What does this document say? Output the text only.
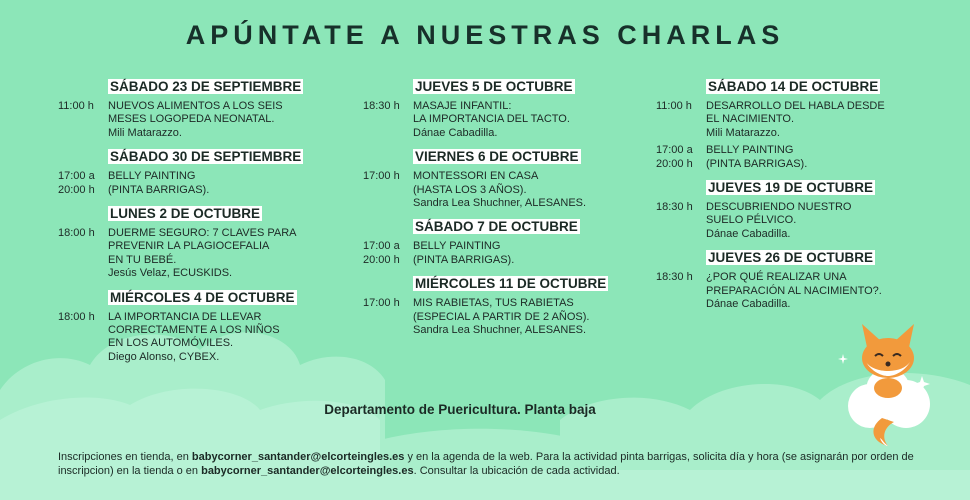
APÚNTATE A NUESTRAS CHARLAS
SÁBADO 23 DE SEPTIEMBRE
11:00 h	NUEVOS ALIMENTOS A LOS SEIS
MESES LOGOPEDA NEONATAL.
Mili Matarazzo.
SÁBADO 30 DE SEPTIEMBRE
17:00 a 20:00 h
BELLY PAINTING
(PINTA BARRIGAS).
LUNES 2 DE OCTUBRE
18:00 h	DUERME SEGURO: 7 CLAVES PARA
PREVENIR LA PLAGIOCEFALIA
EN TU BEBÉ.
Jesús Velaz, ECUSKIDS.
MIÉRCOLES 4 DE OCTUBRE
18:00 h	LA IMPORTANCIA DE LLEVAR
CORRECTAMENTE A LOS NIÑOS
EN LOS AUTOMÓVILES.
Diego Alonso, CYBEX.
JUEVES 5 DE OCTUBRE
18:30 h	MASAJE INFANTIL:
LA IMPORTANCIA DEL TACTO.
Dánae Cabadilla.
VIERNES 6 DE OCTUBRE
17:00 h	MONTESSORI EN CASA
(HASTA LOS 3 AÑOS).
Sandra Lea Shuchner, ALESANES.
SÁBADO 7 DE OCTUBRE
17:00 a 20:00 h
BELLY PAINTING
(PINTA BARRIGAS).
MIÉRCOLES 11 DE OCTUBRE
17:00 h	MIS RABIETAS, TUS RABIETAS
(ESPECIAL A PARTIR DE 2 AÑOS).
Sandra Lea Shuchner, ALESANES.
SÁBADO 14 DE OCTUBRE
11:00 h	DESARROLLO DEL HABLA DESDE
EL NACIMIENTO.
Mili Matarazzo.
17:00 a 20:00 h
BELLY PAINTING
(PINTA BARRIGAS).
JUEVES 19 DE OCTUBRE
18:30 h	DESCUBRIENDO NUESTRO
SUELO PÉLVICO.
Dánae Cabadilla.
JUEVES 26 DE OCTUBRE
18:30 h	¿POR QUÉ REALIZAR UNA
PREPARACIÓN AL NACIMIENTO?.
Dánae Cabadilla.
Departamento de Puericultura. Planta baja
Inscripciones en tienda, en babycorner_santander@elcorteingles.es y en la agenda de la web. Para la actividad pinta barrigas, solicita día y hora (se asignarán por orden de inscripcion) en la tienda o en babycorner_santander@elcorteingles.es. Consultar la ubicación de cada actividad.
